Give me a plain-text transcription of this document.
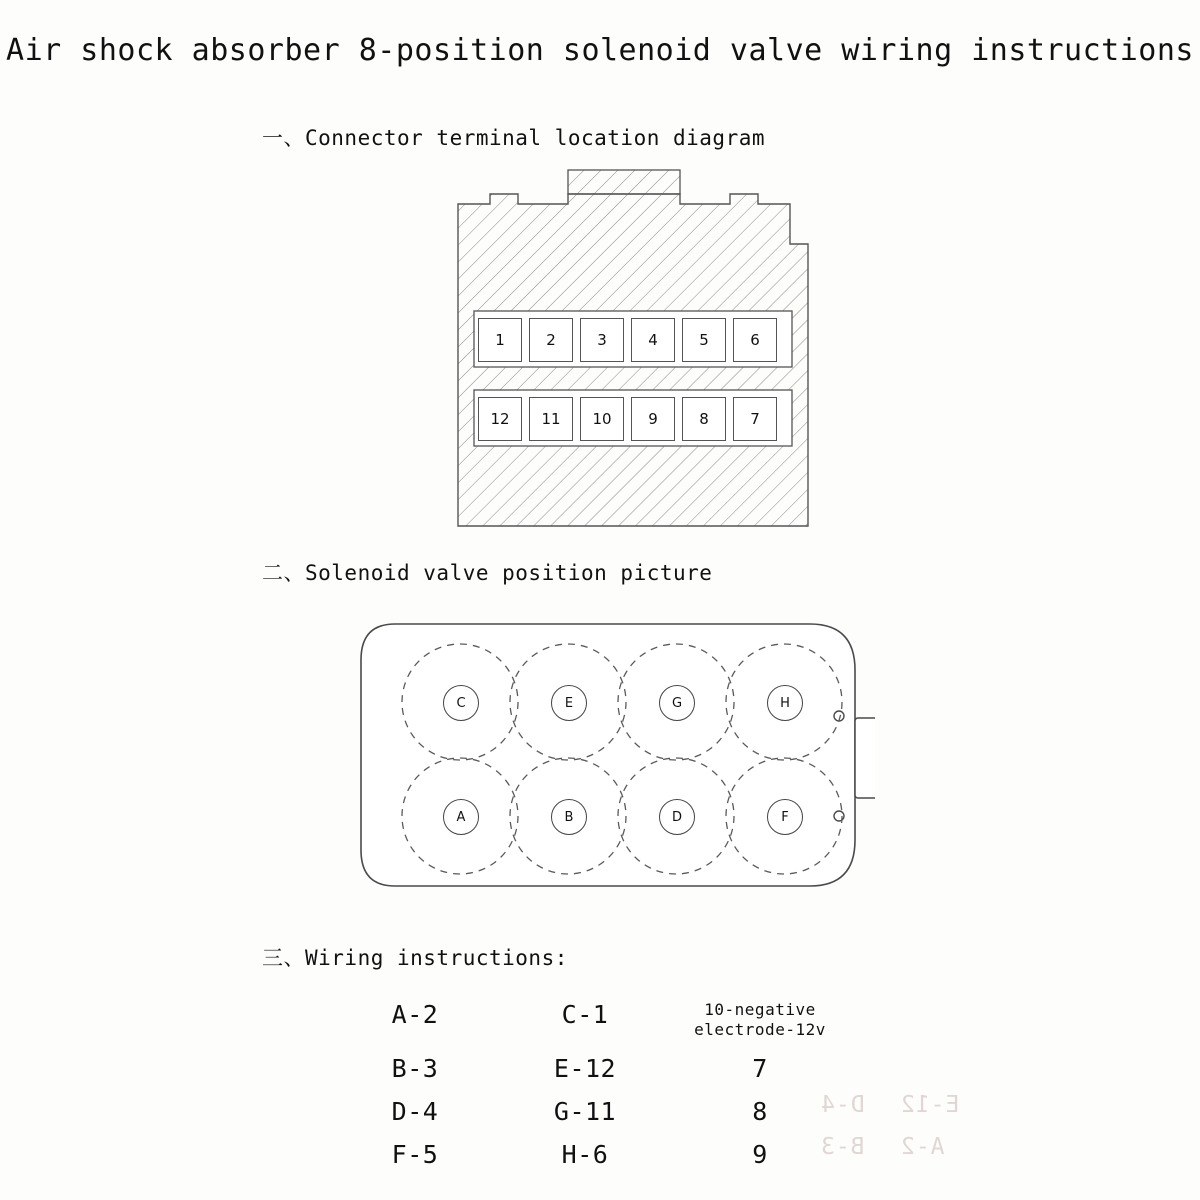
Air shock absorber 8-position solenoid valve wiring instructions
一、Connector terminal location diagram
1	2	3	4	5	6
12	11	10	9	8	7
二、Solenoid valve position picture
C	E	G	H
A	B	D	F
三、Wiring instructions:
D-4 E-12
B-3 A-2
A-2	C-1	10-negative electrode-12v
B-3	E-12	7
D-4	G-11	8
F-5	H-6	9
